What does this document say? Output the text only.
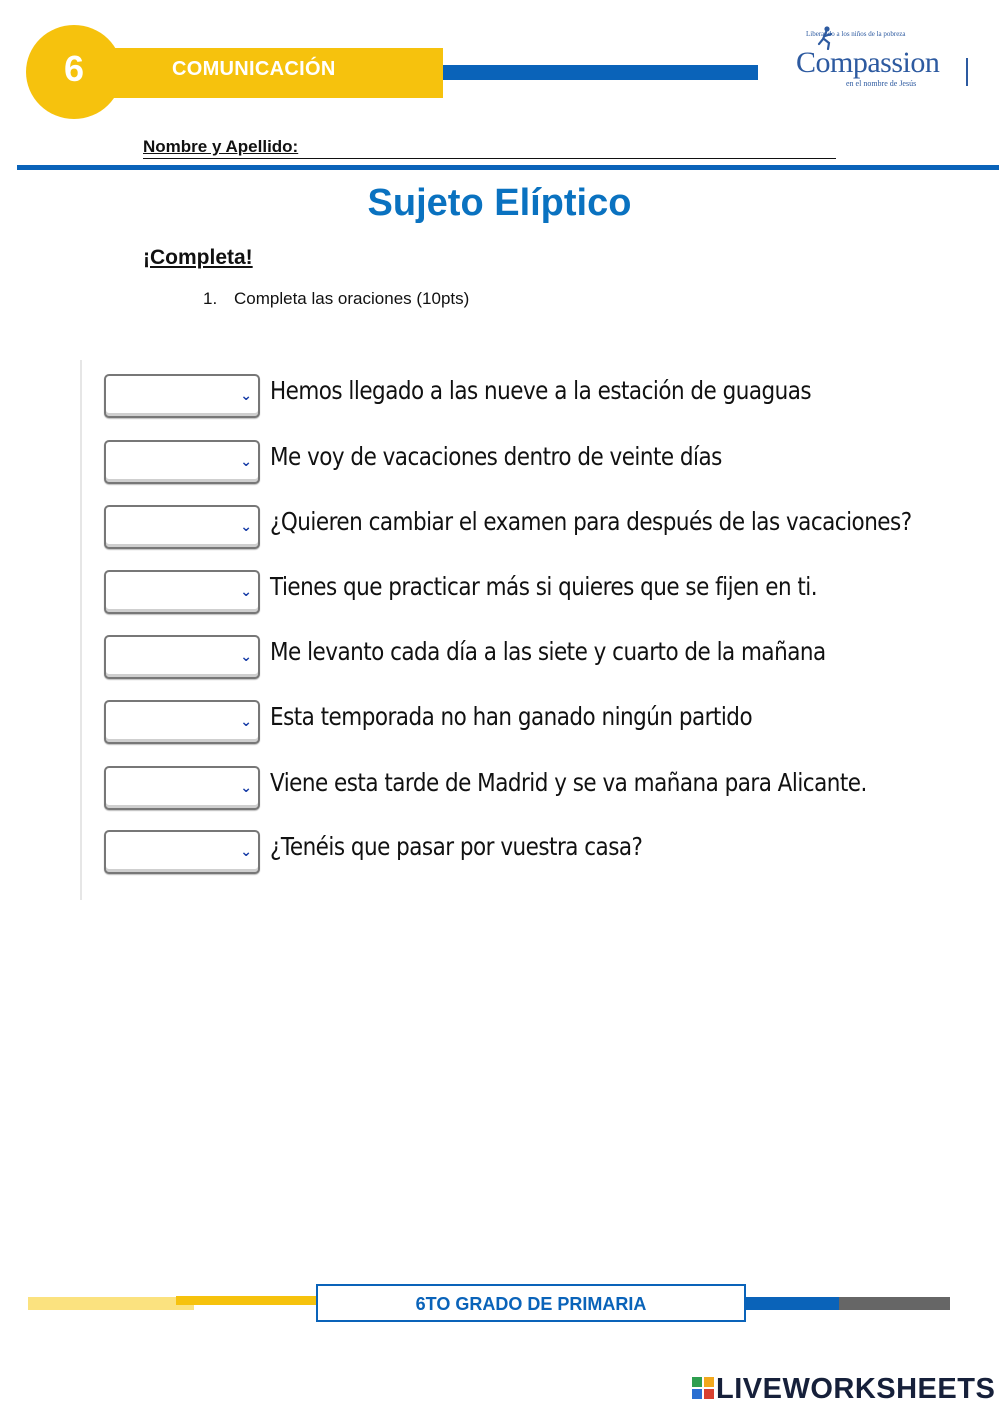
6	COMUNICACIÓN
Liberando a los niños de la pobreza
Compassion
en el nombre de Jesús
Nombre y Apellido:
Sujeto Elíptico
¡Completa!
1. Completa las oraciones (10pts)
⌄ Hemos llegado a las nueve a la estación de guaguas
⌄ Me voy de vacaciones dentro de veinte días
⌄ ¿Quieren cambiar el examen para después de las vacaciones?
⌄ Tienes que practicar más si quieres que se fijen en ti.
⌄ Me levanto cada día a las siete y cuarto de la mañana
⌄ Esta temporada no han ganado ningún partido
⌄ Viene esta tarde de Madrid y se va mañana para Alicante.
⌄ ¿Tenéis que pasar por vuestra casa?
6TO GRADO DE PRIMARIA
LIVEWORKSHEETS
